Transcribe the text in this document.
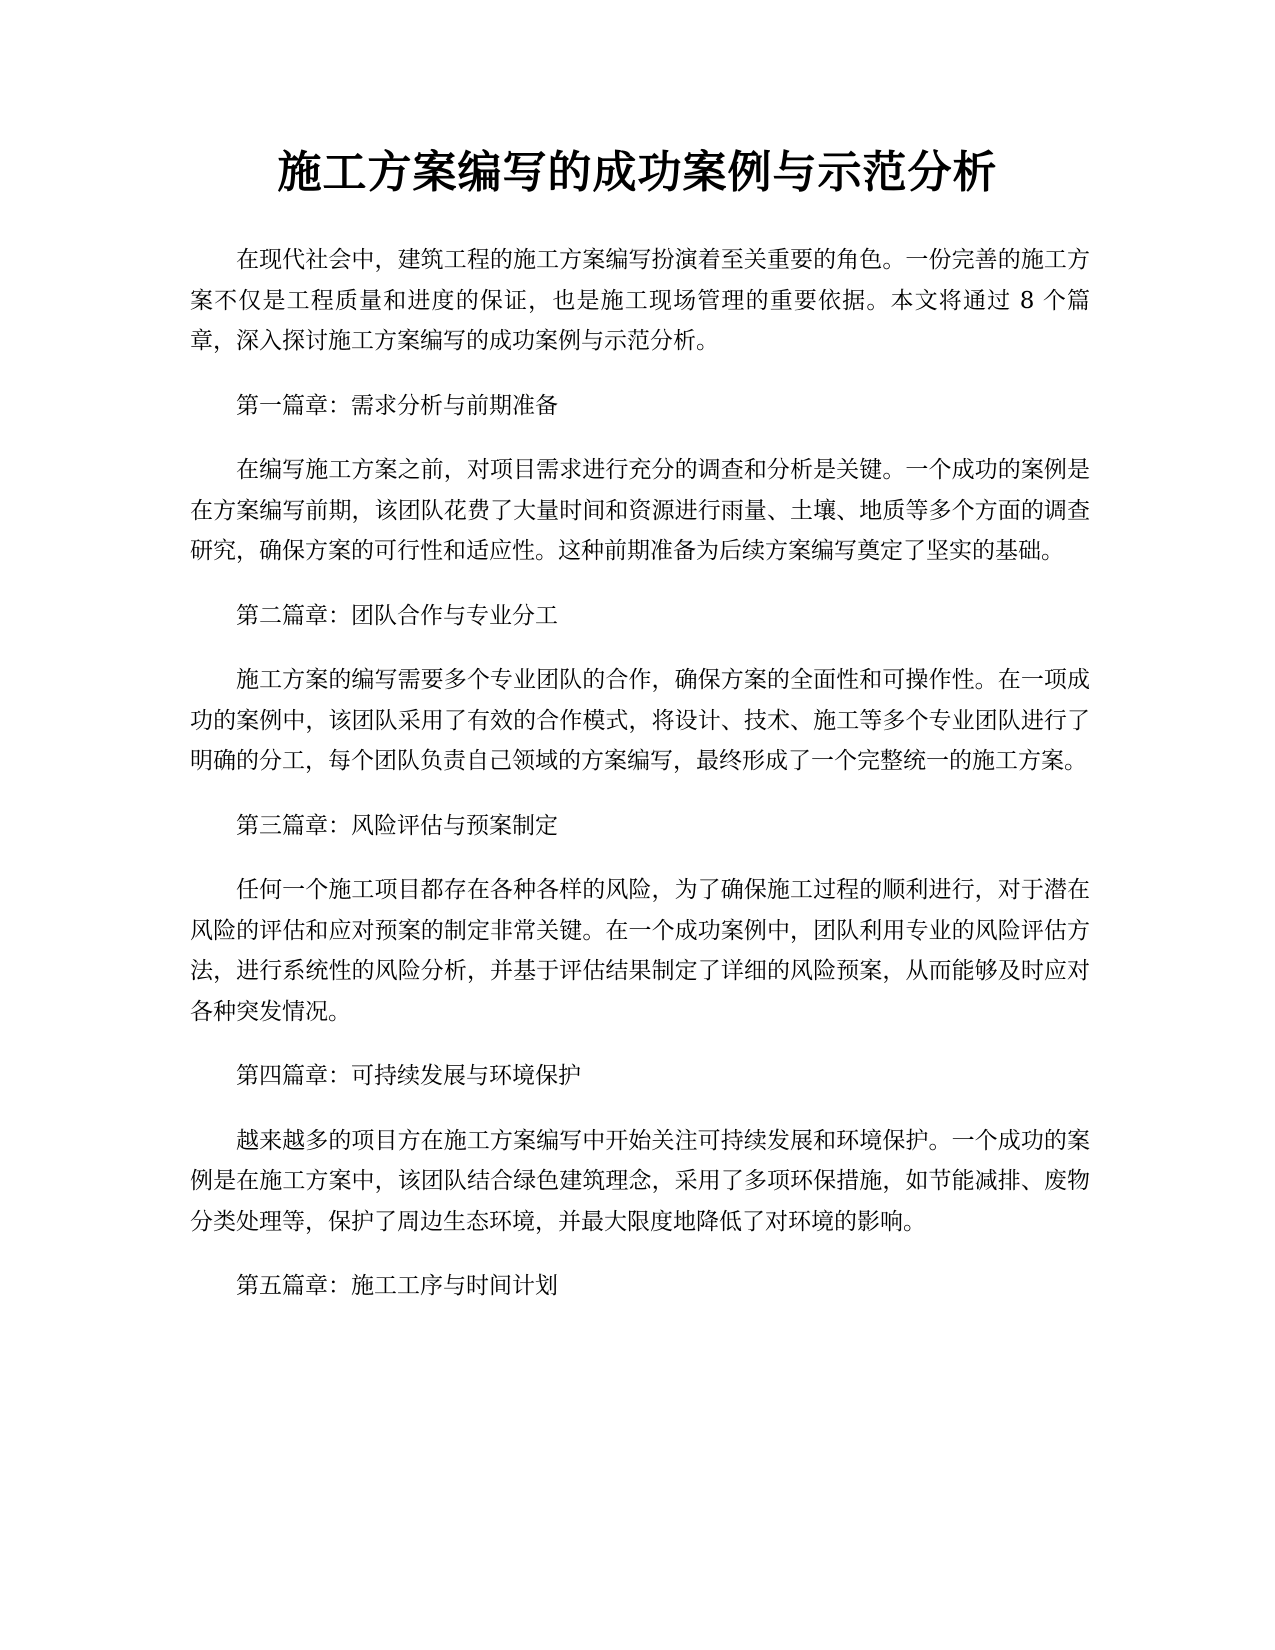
施工方案编写的成功案例与示范分析

在现代社会中，建筑工程的施工方案编写扮演着至关重要的角色。一份完善的施工方案不仅是工程质量和进度的保证，也是施工现场管理的重要依据。本文将通过 8 个篇章，深入探讨施工方案编写的成功案例与示范分析。

第一篇章：需求分析与前期准备

在编写施工方案之前，对项目需求进行充分的调查和分析是关键。一个成功的案例是在方案编写前期，该团队花费了大量时间和资源进行雨量、土壤、地质等多个方面的调查研究，确保方案的可行性和适应性。这种前期准备为后续方案编写奠定了坚实的基础。

第二篇章：团队合作与专业分工

施工方案的编写需要多个专业团队的合作，确保方案的全面性和可操作性。在一项成功的案例中，该团队采用了有效的合作模式，将设计、技术、施工等多个专业团队进行了明确的分工，每个团队负责自己领域的方案编写，最终形成了一个完整统一的施工方案。

第三篇章：风险评估与预案制定

任何一个施工项目都存在各种各样的风险，为了确保施工过程的顺利进行，对于潜在风险的评估和应对预案的制定非常关键。在一个成功案例中，团队利用专业的风险评估方法，进行系统性的风险分析，并基于评估结果制定了详细的风险预案，从而能够及时应对各种突发情况。

第四篇章：可持续发展与环境保护

越来越多的项目方在施工方案编写中开始关注可持续发展和环境保护。一个成功的案例是在施工方案中，该团队结合绿色建筑理念，采用了多项环保措施，如节能减排、废物分类处理等，保护了周边生态环境，并最大限度地降低了对环境的影响。

第五篇章：施工工序与时间计划
